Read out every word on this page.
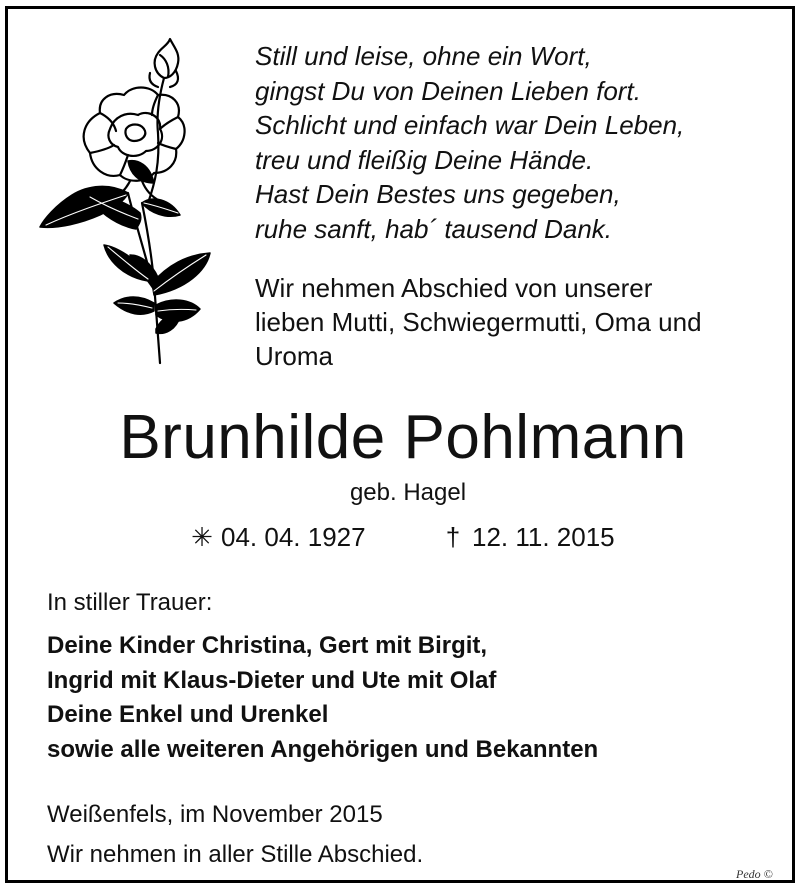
Still und leise, ohne ein Wort,
gingst Du von Deinen Lieben fort.
Schlicht und einfach war Dein Leben,
treu und fleißig Deine Hände.
Hast Dein Bestes uns gegeben,
ruhe sanft, hab´ tausend Dank.
Wir nehmen Abschied von unserer
lieben Mutti, Schwiegermutti, Oma und
Uroma
Brunhilde Pohlmann
geb. Hagel
✳ 04. 04. 1927	† 12. 11. 2015
In stiller Trauer:
Deine Kinder Christina, Gert mit Birgit,
Ingrid mit Klaus-Dieter und Ute mit Olaf
Deine Enkel und Urenkel
sowie alle weiteren Angehörigen und Bekannten
Weißenfels, im November 2015
Wir nehmen in aller Stille Abschied.
Pedo ©
